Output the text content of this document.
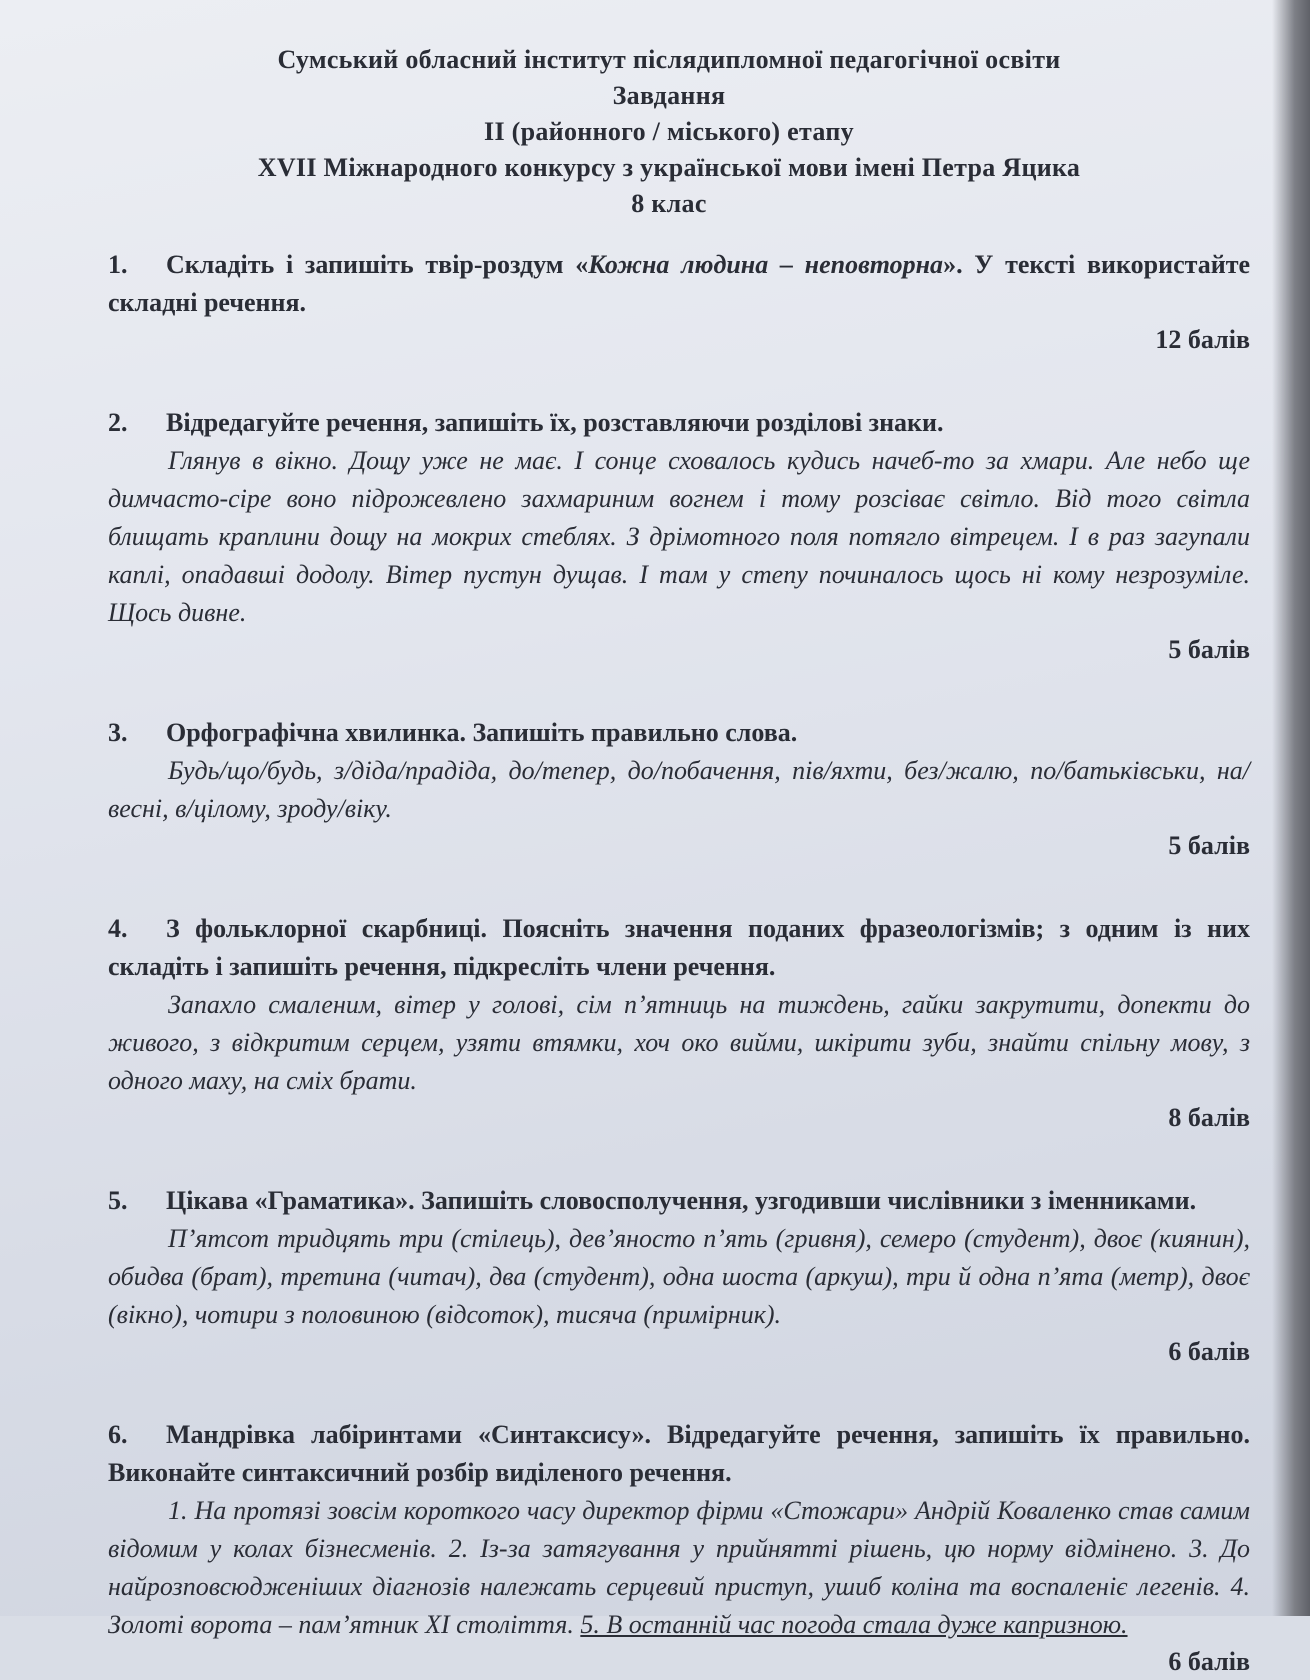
Сумський обласний інститут післядипломної педагогічної освіти
Завдання
ІІ (районного / міського) етапу
XVІІ Міжнародного конкурсу з української мови імені Петра Яцика
8 клас
1. Складіть і запишіть твір-роздум «Кожна людина – неповторна». У тексті використайте складні речення.
12 балів
2. Відредагуйте речення, запишіть їх, розставляючи розділові знаки.
Глянув в вікно. Дощу уже не має. І сонце сховалось кудись начеб-то за хмари. Але небо ще димчасто-сіре воно підрожевлено захмариним вогнем і тому розсіває світло. Від того світла блищать краплини дощу на мокрих стеблях. З дрімотного поля потягло вітрецем. І в раз загупали каплі, опадавші додолу. Вітер пустун дущав. І там у степу починалось щось ні кому незрозуміле. Щось дивне.
5 балів
3. Орфографічна хвилинка. Запишіть правильно слова.
Будь/що/будь, з/діда/прадіда, до/тепер, до/побачення, пів/яхти, без/жалю, по/батьківськи, на/весні, в/цілому, зроду/віку.
5 балів
4. З фольклорної скарбниці. Поясніть значення поданих фразеологізмів; з одним із них складіть і запишіть речення, підкресліть члени речення.
Запахло смаленим, вітер у голові, сім п’ятниць на тиждень, гайки закрутити, допекти до живого, з відкритим серцем, узяти втямки, хоч око вийми, шкірити зуби, знайти спільну мову, з одного маху, на сміх брати.
8 балів
5. Цікава «Граматика». Запишіть словосполучення, узгодивши числівники з іменниками.
П’ятсот тридцять три (стілець), дев’яносто п’ять (гривня), семеро (студент), двоє (киянин), обидва (брат), третина (читач), два (студент), одна шоста (аркуш), три й одна п’ята (метр), двоє (вікно), чотири з половиною (відсоток), тисяча (примірник).
6 балів
6. Мандрівка лабіринтами «Синтаксису». Відредагуйте речення, запишіть їх правильно. Виконайте синтаксичний розбір виділеного речення.
1. На протязі зовсім короткого часу директор фірми «Стожари» Андрій Коваленко став самим відомим у колах бізнесменів. 2. Із-за затягування у прийнятті рішень, цю норму відмінено. 3. До найрозповсюдженіших діагнозів належать серцевий приступ, ушиб коліна та воспаленіє легенів. 4. Золоті ворота – пам’ятник ХІ століття. 5. В останній час погода стала дуже капризною.
6 балів
